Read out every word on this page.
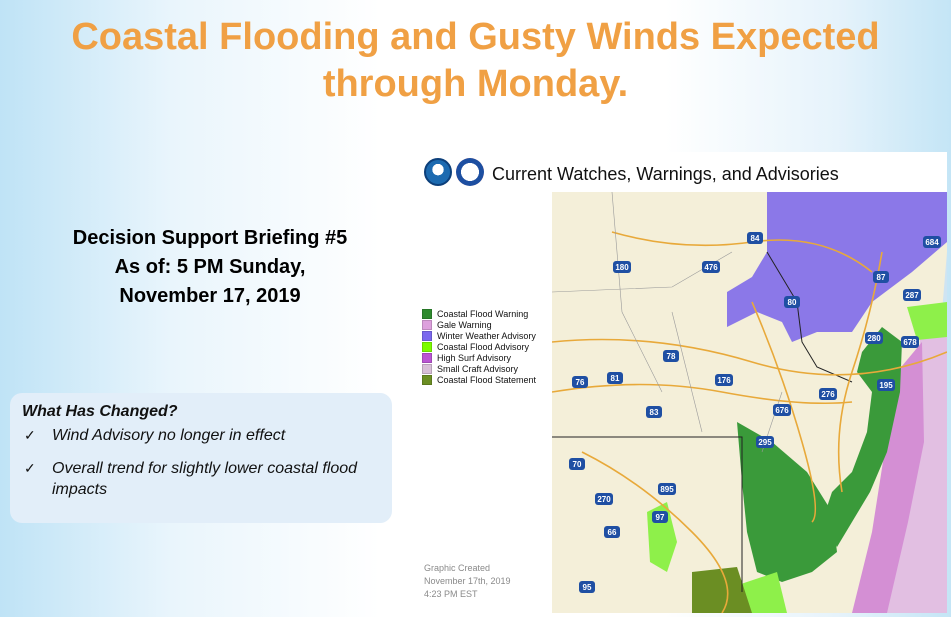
Coastal Flooding and Gusty Winds Expected
through Monday.
Decision Support Briefing #5
As of: 5 PM Sunday,
November 17, 2019
What Has Changed?
✓ Wind Advisory no longer in effect
✓ Overall trend for slightly lower coastal flood impacts
Current Watches, Warnings, and Advisories
Coastal Flood Warning
Gale Warning
Winter Weather Advisory
Coastal Flood Advisory
High Surf Advisory
Small Craft Advisory
Coastal Flood Statement
Graphic Created
November 17th, 2019
4:23 PM EST
84	684
180	476
87
287
80
280	678
78
195
76	81	176
276
83	676
295
70
895
270
97
66
95
